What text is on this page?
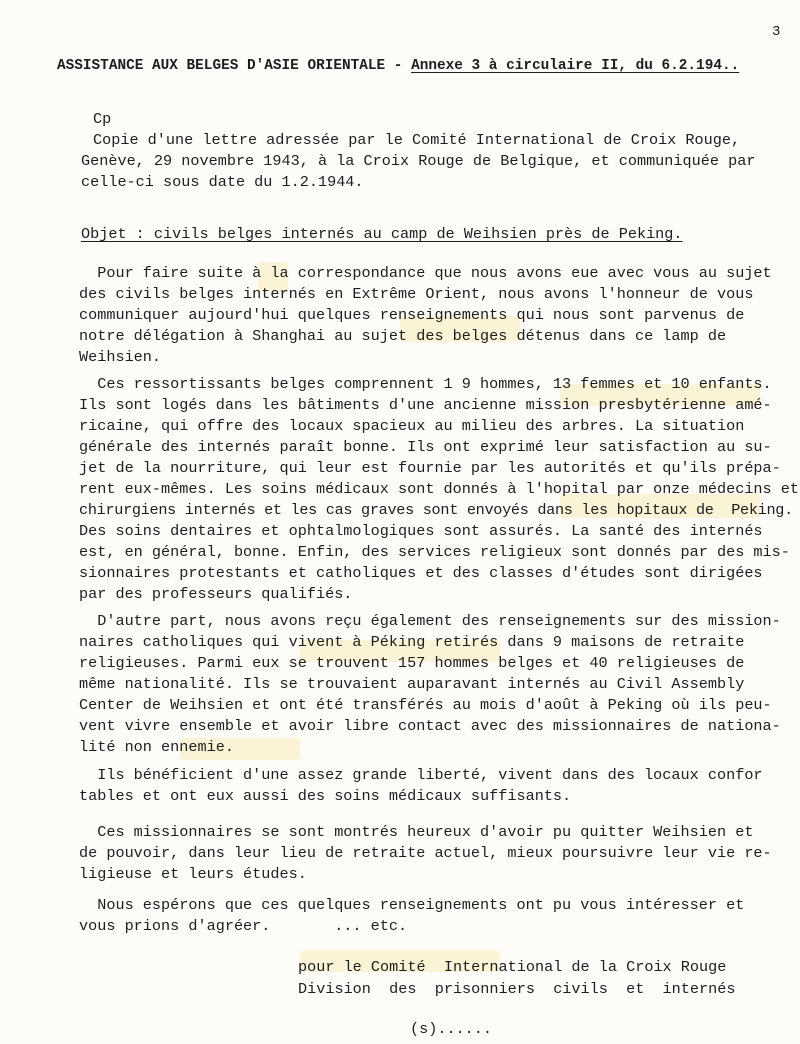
3
ASSISTANCE AUX BELGES D'ASIE ORIENTALE - Annexe 3 à circulaire II, du 6.2.194..
Cp
Copie d'une lettre adressée par le Comité International de Croix Rouge,
Genève, 29 novembre 1943, à la Croix Rouge de Belgique, et communiquée par
celle-ci sous date du 1.2.1944.
Objet : civils belges internés au camp de Weihsien près de Peking.
Pour faire suite à la correspondance que nous avons eue avec vous au sujet
des civils belges internés en Extrême Orient, nous avons l'honneur de vous
communiquer aujourd'hui quelques renseignements qui nous sont parvenus de
notre délégation à Shanghai au sujet des belges détenus dans ce lamp de
Weihsien.
Ces ressortissants belges comprennent 1 9 hommes, 13 femmes et 10 enfants.
Ils sont logés dans les bâtiments d'une ancienne mission presbytérienne amé-
ricaine, qui offre des locaux spacieux au milieu des arbres. La situation
générale des internés paraît bonne. Ils ont exprimé leur satisfaction au su-
jet de la nourriture, qui leur est fournie par les autorités et qu'ils prépa-
rent eux-mêmes. Les soins médicaux sont donnés à l'hopital par onze médecins et
chirurgiens internés et les cas graves sont envoyés dans les hopitaux de  Peking.
Des soins dentaires et ophtalmologiques sont assurés. La santé des internés
est, en général, bonne. Enfin, des services religieux sont donnés par des mis-
sionnaires protestants et catholiques et des classes d'études sont dirigées
par des professeurs qualifiés.
D'autre part, nous avons reçu également des renseignements sur des mission-
naires catholiques qui vivent à Péking retirés dans 9 maisons de retraite
religieuses. Parmi eux se trouvent 157 hommes belges et 40 religieuses de
même nationalité. Ils se trouvaient auparavant internés au Civil Assembly
Center de Weihsien et ont été transférés au mois d'août à Peking où ils peu-
vent vivre ensemble et avoir libre contact avec des missionnaires de nationa-
lité non ennemie.
Ils bénéficient d'une assez grande liberté, vivent dans des locaux confor
tables et ont eux aussi des soins médicaux suffisants.
Ces missionnaires se sont montrés heureux d'avoir pu quitter Weihsien et
de pouvoir, dans leur lieu de retraite actuel, mieux poursuivre leur vie re-
ligieuse et leurs études.
Nous espérons que ces quelques renseignements ont pu vous intéresser et
vous prions d'agréer.       ... etc.
pour le Comité  International de la Croix Rouge
Division  des  prisonniers  civils  et  internés
(s)......
